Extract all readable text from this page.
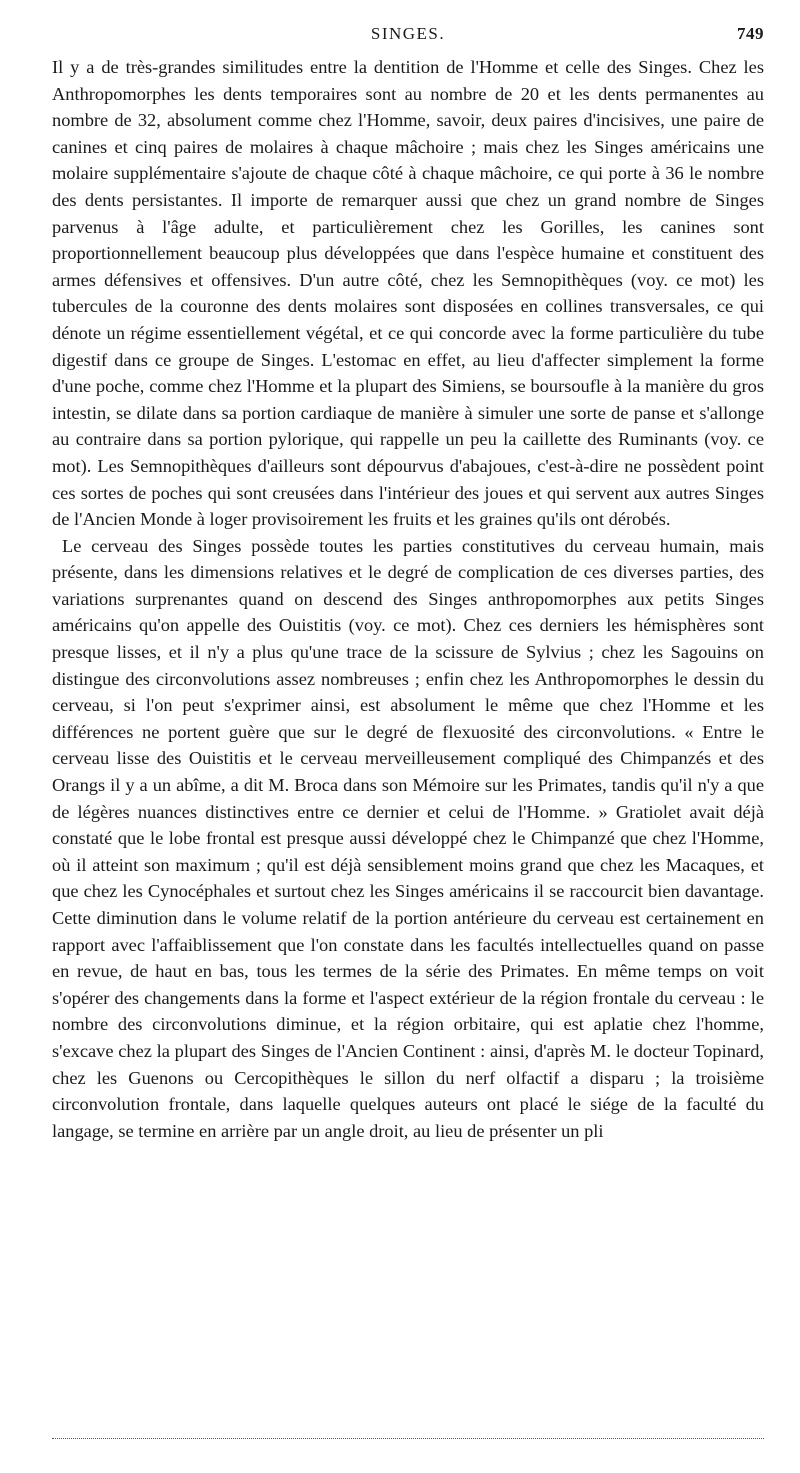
SINGES.	749

Il y a de très-grandes similitudes entre la dentition de l'Homme et celle des Singes. Chez les Anthropomorphes les dents temporaires sont au nombre de 20 et les dents permanentes au nombre de 32, absolument comme chez l'Homme, savoir, deux paires d'incisives, une paire de canines et cinq paires de molaires à chaque mâchoire ; mais chez les Singes américains une molaire supplémentaire s'ajoute de chaque côté à chaque mâchoire, ce qui porte à 36 le nombre des dents persistantes. Il importe de remarquer aussi que chez un grand nombre de Singes parvenus à l'âge adulte, et particulièrement chez les Gorilles, les canines sont proportionnellement beaucoup plus développées que dans l'espèce humaine et constituent des armes défensives et offensives. D'un autre côté, chez les Semnopithèques (voy. ce mot) les tubercules de la couronne des dents molaires sont disposées en collines transversales, ce qui dénote un régime essentiellement végétal, et ce qui concorde avec la forme particulière du tube digestif dans ce groupe de Singes. L'estomac en effet, au lieu d'affecter simplement la forme d'une poche, comme chez l'Homme et la plupart des Simiens, se boursoufle à la manière du gros intestin, se dilate dans sa portion cardiaque de manière à simuler une sorte de panse et s'allonge au contraire dans sa portion pylorique, qui rappelle un peu la caillette des Ruminants (voy. ce mot). Les Semnopithèques d'ailleurs sont dépourvus d'abajoues, c'est-à-dire ne possèdent point ces sortes de poches qui sont creusées dans l'intérieur des joues et qui servent aux autres Singes de l'Ancien Monde à loger provisoirement les fruits et les graines qu'ils ont dérobés.

Le cerveau des Singes possède toutes les parties constitutives du cerveau humain, mais présente, dans les dimensions relatives et le degré de complication de ces diverses parties, des variations surprenantes quand on descend des Singes anthropomorphes aux petits Singes américains qu'on appelle des Ouistitis (voy. ce mot). Chez ces derniers les hémisphères sont presque lisses, et il n'y a plus qu'une trace de la scissure de Sylvius ; chez les Sagouins on distingue des circonvolutions assez nombreuses ; enfin chez les Anthropomorphes le dessin du cerveau, si l'on peut s'exprimer ainsi, est absolument le même que chez l'Homme et les différences ne portent guère que sur le degré de flexuosité des circonvolutions. « Entre le cerveau lisse des Ouistitis et le cerveau merveilleusement compliqué des Chimpanzés et des Orangs il y a un abîme, a dit M. Broca dans son Mémoire sur les Primates, tandis qu'il n'y a que de légères nuances distinctives entre ce dernier et celui de l'Homme. » Gratiolet avait déjà constaté que le lobe frontal est presque aussi développé chez le Chimpanzé que chez l'Homme, où il atteint son maximum ; qu'il est déjà sensiblement moins grand que chez les Macaques, et que chez les Cynocéphales et surtout chez les Singes américains il se raccourcit bien davantage. Cette diminution dans le volume relatif de la portion antérieure du cerveau est certainement en rapport avec l'affaiblissement que l'on constate dans les facultés intellectuelles quand on passe en revue, de haut en bas, tous les termes de la série des Primates. En même temps on voit s'opérer des changements dans la forme et l'aspect extérieur de la région frontale du cerveau : le nombre des circonvolutions diminue, et la région orbitaire, qui est aplatie chez l'homme, s'excave chez la plupart des Singes de l'Ancien Continent : ainsi, d'après M. le docteur Topinard, chez les Guenons ou Cercopithèques le sillon du nerf olfactif a disparu ; la troisième circonvolution frontale, dans laquelle quelques auteurs ont placé le siége de la faculté du langage, se termine en arrière par un angle droit, au lieu de présenter un pli
